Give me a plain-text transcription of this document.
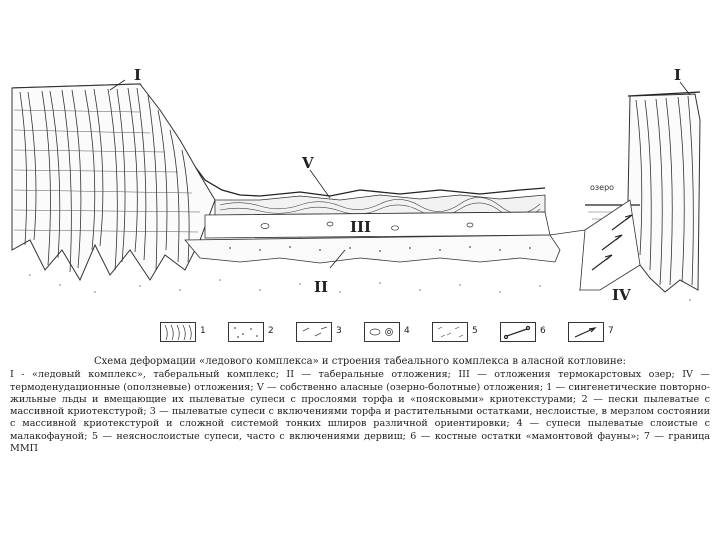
I	I
V
III
II	IV
озеро
1	2	3	4	5	6	7

Схема деформации «ледового комплекса» и строения табеального комплекса в аласной котловине:

I - «ледовый комплекс», таберальный комплекс; II — таберальные отложения; III — отложения термокарстовых озер; IV — термоденудационные (оползневые) отложения; V — собственно аласные (озерно-болотные) отложения; 1 — сингенетические повторно-жильные льды и вмещающие их пылеватые супеси с прослоями торфа и «пояскoвыми» криотекстурами; 2 — пески пылеватые с массивной криотекстурой; 3 — пылеватые супеси с включениями торфа и растительными остатками, неслоистые, в мерзлом состоянии с массивной криотекстурой и сложной системой тонких шлиров различной ориентировки; 4 — супеси пылеватые слоистые с малакофауной; 5 — неяснослоистые супеси, часто с включениями дервиш; 6 — костные остатки «мамонтовой фауны»; 7 — граница ММП
